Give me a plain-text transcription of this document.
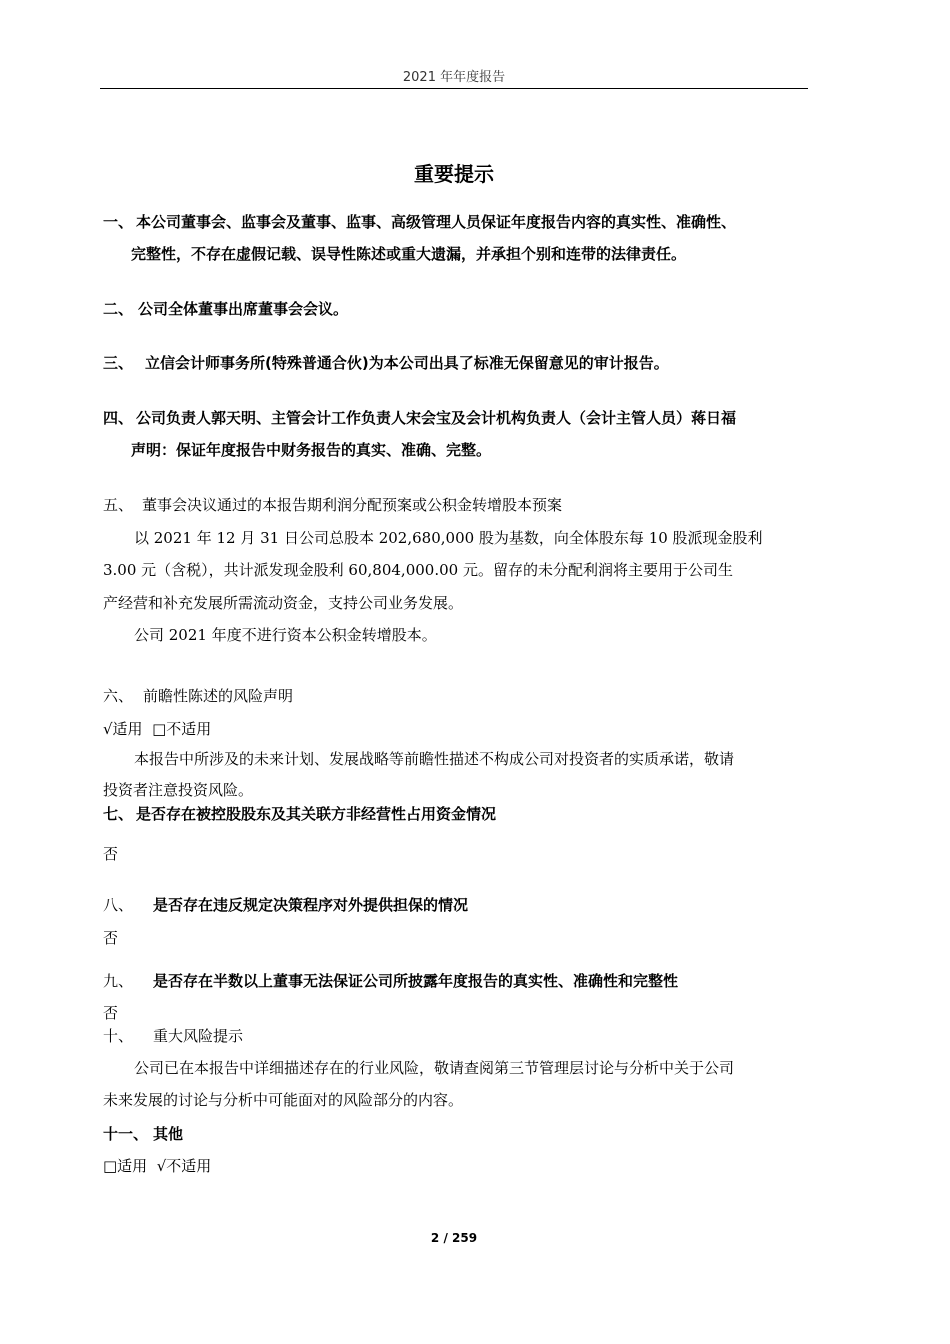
2021 年年度报告
重要提示
一、 本公司董事会、监事会及董事、监事、高级管理人员保证年度报告内容的真实性、准确性、
完整性，不存在虚假记载、误导性陈述或重大遗漏，并承担个别和连带的法律责任。
二、 公司全体董事出席董事会会议。
三、 立信会计师事务所(特殊普通合伙)为本公司出具了标准无保留意见的审计报告。
四、 公司负责人郭天明、主管会计工作负责人宋会宝及会计机构负责人（会计主管人员）蒋日福
声明：保证年度报告中财务报告的真实、准确、完整。
五、 董事会决议通过的本报告期利润分配预案或公积金转增股本预案
以 2021 年 12 月 31 日公司总股本 202,680,000 股为基数，向全体股东每 10 股派现金股利
3.00 元（含税），共计派发现金股利 60,804,000.00 元。留存的未分配利润将主要用于公司生
产经营和补充发展所需流动资金，支持公司业务发展。
公司 2021 年度不进行资本公积金转增股本。
六、 前瞻性陈述的风险声明
√适用  □不适用
本报告中所涉及的未来计划、发展战略等前瞻性描述不构成公司对投资者的实质承诺，敬请
投资者注意投资风险。
七、 是否存在被控股股东及其关联方非经营性占用资金情况
否
八、 是否存在违反规定决策程序对外提供担保的情况
否
九、 是否存在半数以上董事无法保证公司所披露年度报告的真实性、准确性和完整性
否
十、 重大风险提示
公司已在本报告中详细描述存在的行业风险，敬请查阅第三节管理层讨论与分析中关于公司
未来发展的讨论与分析中可能面对的风险部分的内容。
十一、 其他
□适用  √不适用
2 / 259
